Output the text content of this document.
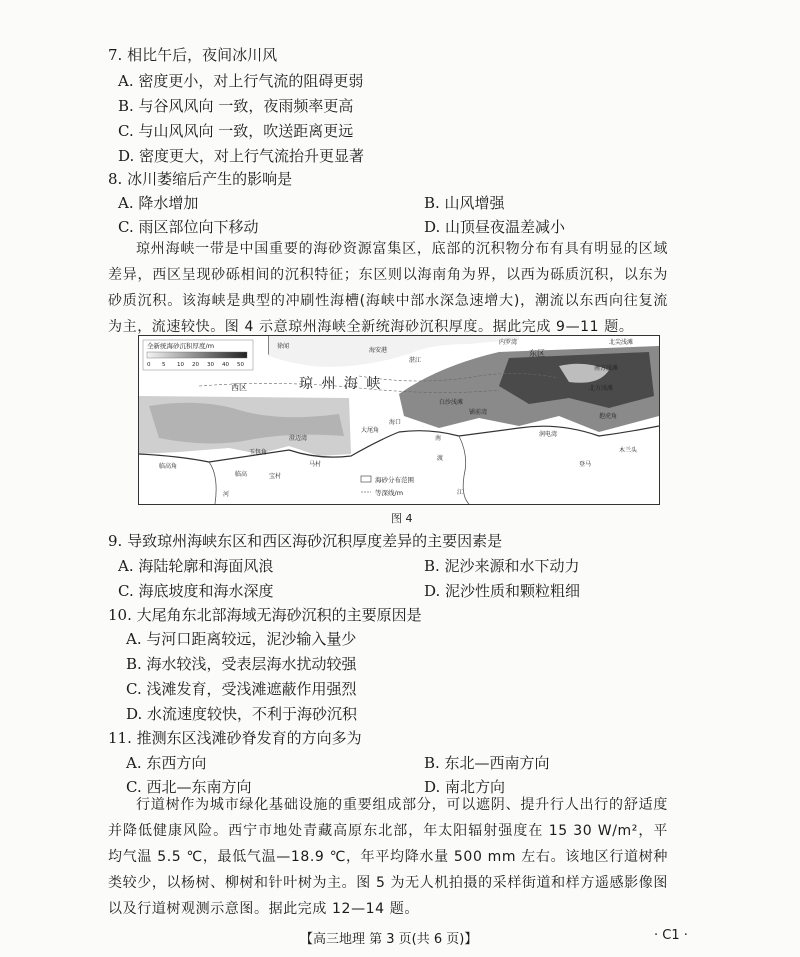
7. 相比午后，夜间冰川风
A. 密度更小，对上行气流的阻碍更弱
B. 与谷风风向 一致，夜雨频率更高
C. 与山风风向 一致，吹送距离更远
D. 密度更大，对上行气流抬升更显著
8. 冰川萎缩后产生的影响是
A. 降水增加	B. 山风增强
C. 雨区部位向下移动	D. 山顶昼夜温差减小
琼州海峡一带是中国重要的海砂资源富集区，底部的沉积物分布有具有明显的区域差异，西区呈现砂砾相间的沉积特征；东区则以海南角为界，以西为砾质沉积，以东为砂质沉积。该海峡是典型的冲刷性海槽(海峡中部水深急速增大)，潮流以东西向往复流为主，流速较快。图 4 示意琼州海峡全新统海砂沉积厚度。据此完成 9—11 题。
全新统海砂沉积厚度/m
0 5 10 20 30 40 50
海砂分布范围
等深线/m
琼 州 海 峡
西区
东区
徐闻
海安港
内罗湾	北尖浅滩
南方浅滩
北方浅滩
白沙浅滩
铺前湾
抱虎角
澄迈湾
临高角
玉包角
马村
大尾角
海口
南
渡
江
河
临高
木兰头
润电湾
湛江
宝村
登马
图 4
9. 导致琼州海峡东区和西区海砂沉积厚度差异的主要因素是
A. 海陆轮廓和海面风浪	B. 泥沙来源和水下动力
C. 海底坡度和海水深度	D. 泥沙性质和颗粒粗细
10. 大尾角东北部海域无海砂沉积的主要原因是
A. 与河口距离较远，泥沙输入量少
B. 海水较浅，受表层海水扰动较强
C. 浅滩发育，受浅滩遮蔽作用强烈
D. 水流速度较快，不利于海砂沉积
11. 推测东区浅滩砂脊发育的方向多为
A. 东西方向	B. 东北—西南方向
C. 西北—东南方向	D. 南北方向
行道树作为城市绿化基础设施的重要组成部分，可以遮阴、提升行人出行的舒适度并降低健康风险。西宁市地处青藏高原东北部，年太阳辐射强度在 15 30 W/m²，平均气温 5.5 ℃，最低气温—18.9 ℃，年平均降水量 500 mm 左右。该地区行道树种类较少，以杨树、柳树和针叶树为主。图 5 为无人机拍摄的采样街道和样方遥感影像图以及行道树观测示意图。据此完成 12—14 题。
【高三地理 第 3 页(共 6 页)】	· C1 ·
